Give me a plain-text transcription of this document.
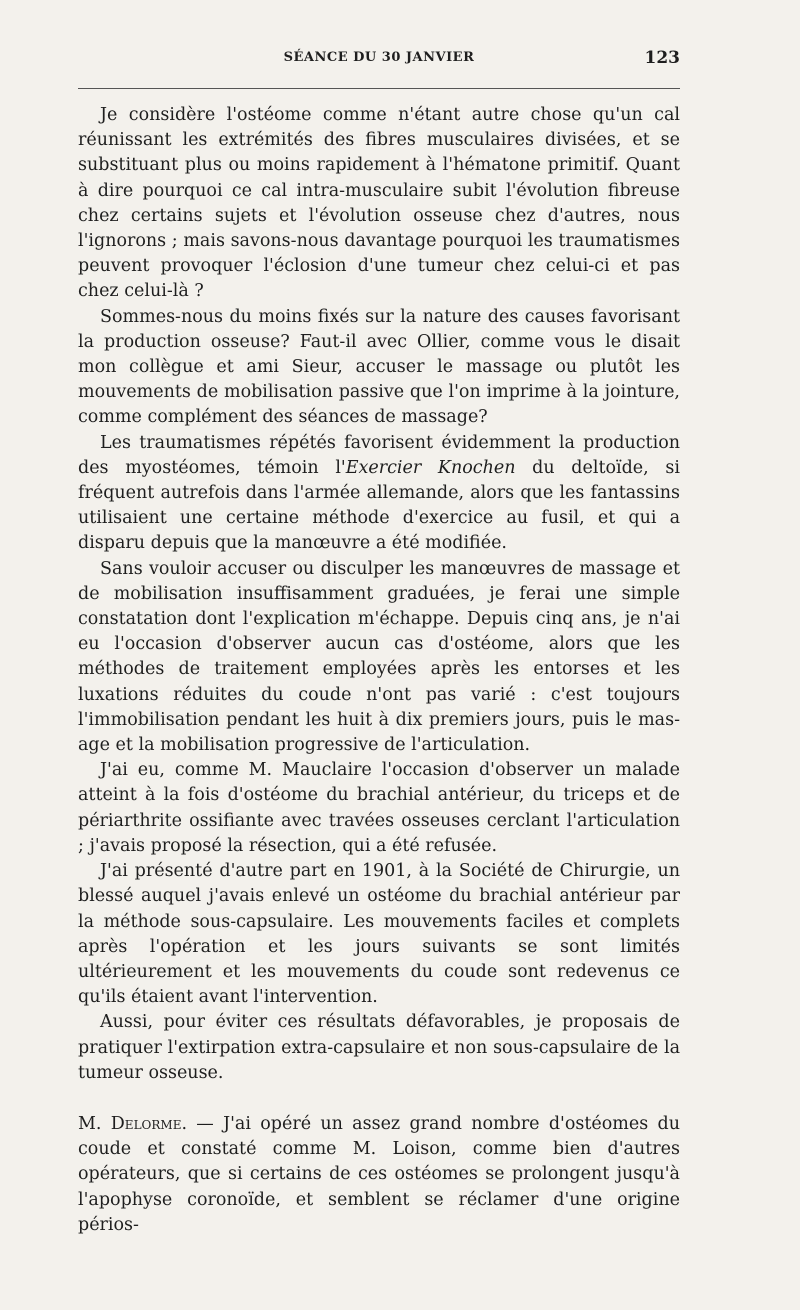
SÉANCE DU 30 JANVIER	123

Je considère l'ostéome comme n'étant autre chose qu'un cal réunissant les extrémités des fibres musculaires divisées, et se substituant plus ou moins rapidement à l'hématone primitif. Quant à dire pourquoi ce cal intra-musculaire subit l'évolution fibreuse chez certains sujets et l'évolution osseuse chez d'autres, nous l'ignorons ; mais savons-nous davantage pourquoi les traumatismes peuvent provoquer l'éclosion d'une tumeur chez celui-ci et pas chez celui-là ?

Sommes-nous du moins fixés sur la nature des causes favorisant la production osseuse? Faut-il avec Ollier, comme vous le disait mon collègue et ami Sieur, accuser le massage ou plutôt les mouvements de mobilisation passive que l'on imprime à la jointure, comme complément des séances de massage?

Les traumatismes répétés favorisent évidemment la production des myostéomes, témoin l'Exercier Knochen du deltoïde, si fréquent autrefois dans l'armée allemande, alors que les fantassins utilisaient une certaine méthode d'exercice au fusil, et qui a disparu depuis que la manœuvre a été modifiée.

Sans vouloir accuser ou disculper les manœuvres de massage et de mobilisation insuffisamment graduées, je ferai une simple constatation dont l'explication m'échappe. Depuis cinq ans, je n'ai eu l'occasion d'observer aucun cas d'ostéome, alors que les méthodes de traitement employées après les entorses et les luxations réduites du coude n'ont pas varié : c'est toujours l'immobilisation pendant les huit à dix premiers jours, puis le mas-age et la mobilisation progressive de l'articulation.

J'ai eu, comme M. Mauclaire l'occasion d'observer un malade atteint à la fois d'ostéome du brachial antérieur, du triceps et de périarthrite ossifiante avec travées osseuses cerclant l'articulation ; j'avais proposé la résection, qui a été refusée.

J'ai présenté d'autre part en 1901, à la Société de Chirurgie, un blessé auquel j'avais enlevé un ostéome du brachial antérieur par la méthode sous-capsulaire. Les mouvements faciles et complets après l'opération et les jours suivants se sont limités ultérieurement et les mouvements du coude sont redevenus ce qu'ils étaient avant l'intervention.

Aussi, pour éviter ces résultats défavorables, je proposais de pratiquer l'extirpation extra-capsulaire et non sous-capsulaire de la tumeur osseuse.

M. Delorme. — J'ai opéré un assez grand nombre d'ostéomes du coude et constaté comme M. Loison, comme bien d'autres opérateurs, que si certains de ces ostéomes se prolongent jusqu'à l'apophyse coronoïde, et semblent se réclamer d'une origine périos-
